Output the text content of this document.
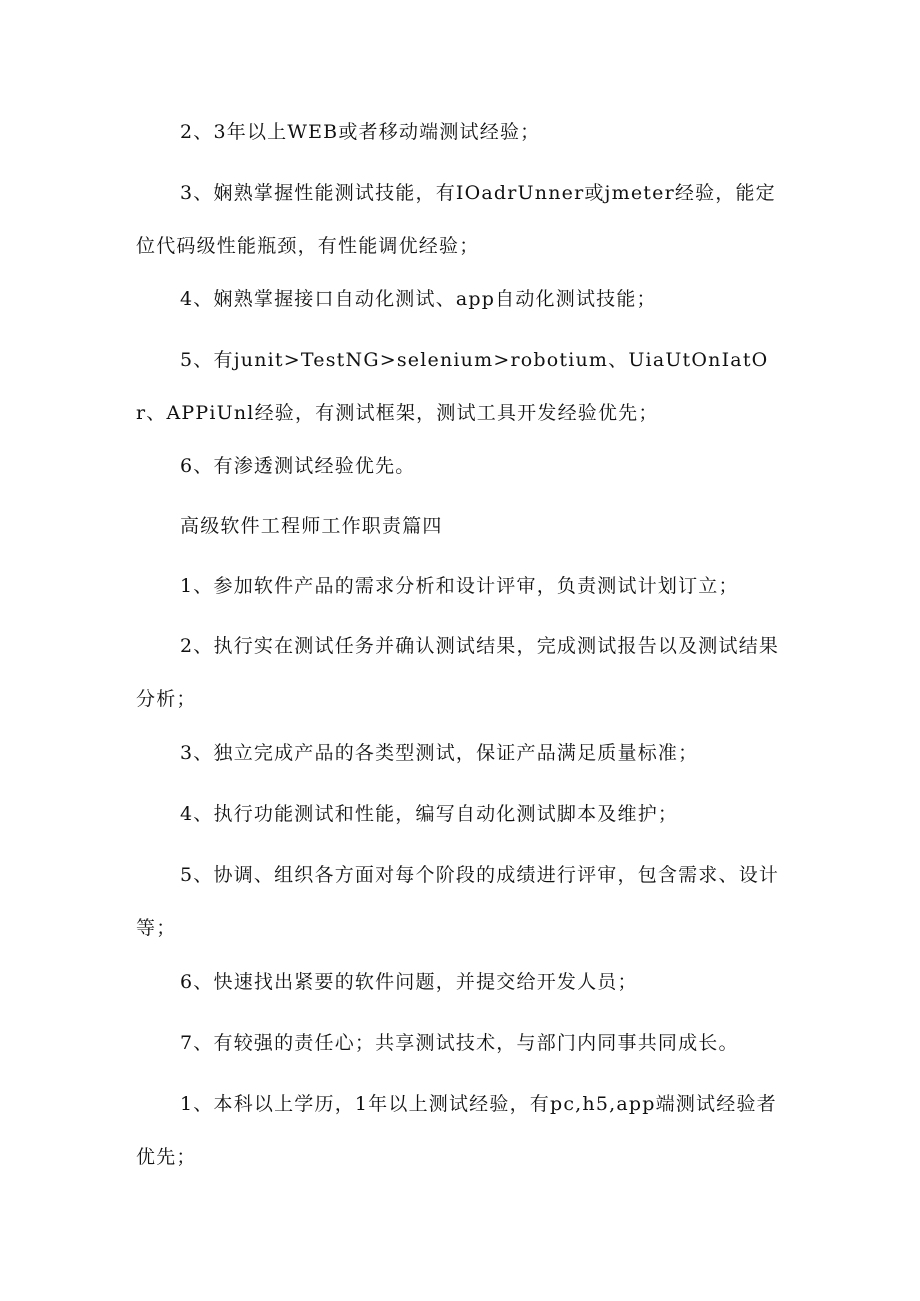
2、3年以上WEB或者移动端测试经验；
3、娴熟掌握性能测试技能，有IOadrUnner或jmeter经验，能定位代码级性能瓶颈，有性能调优经验；
4、娴熟掌握接口自动化测试、app自动化测试技能；
5、有junit>TestNG>selenium>robotium、UiaUtOnIatOr、APPiUnl经验，有测试框架，测试工具开发经验优先；
6、有渗透测试经验优先。
高级软件工程师工作职责篇四
1、参加软件产品的需求分析和设计评审，负责测试计划订立；
2、执行实在测试任务并确认测试结果，完成测试报告以及测试结果分析；
3、独立完成产品的各类型测试，保证产品满足质量标准；
4、执行功能测试和性能，编写自动化测试脚本及维护；
5、协调、组织各方面对每个阶段的成绩进行评审，包含需求、设计等；
6、快速找出紧要的软件问题，并提交给开发人员；
7、有较强的责任心；共享测试技术，与部门内同事共同成长。
1、本科以上学历，1年以上测试经验，有pc,h5,app端测试经验者优先；
